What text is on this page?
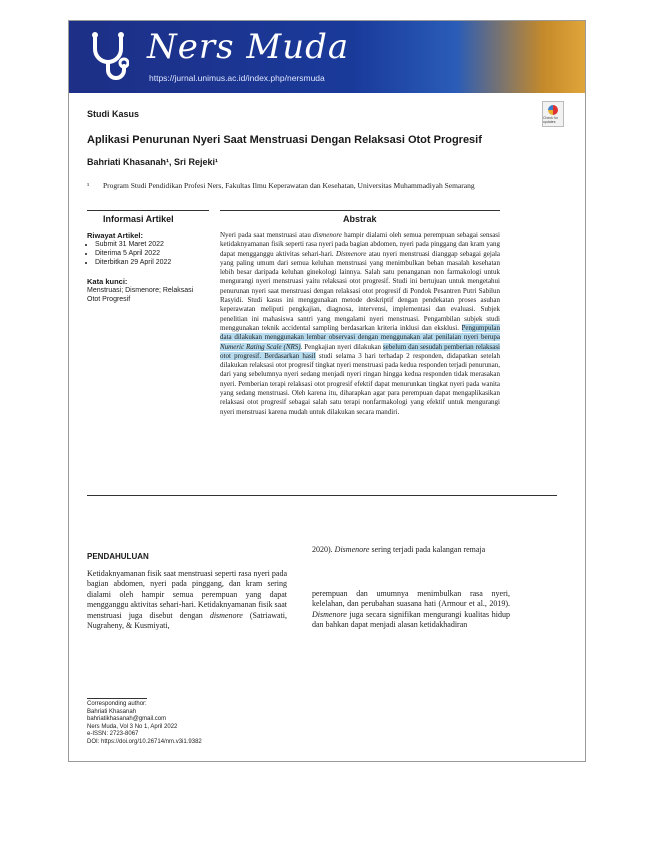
Ners Muda
https://jurnal.unimus.ac.id/index.php/nersmuda
Studi Kasus	Check for updates
Aplikasi Penurunan Nyeri Saat Menstruasi Dengan Relaksasi Otot Progresif
Bahriati Khasanah¹, Sri Rejeki¹
¹ Program Studi Pendidikan Profesi Ners, Fakultas Ilmu Keperawatan dan Kesehatan, Universitas Muhammadiyah Semarang
Informasi Artikel	Abstrak
Riwayat Artikel:
• Submit 31 Maret 2022
• Diterima 5 April 2022
• Diterbitkan 29 April 2022
Kata kunci:
Menstruasi; Dismenore; Relaksasi Otot Progresif
Nyeri pada saat menstruasi atau dismenore hampir dialami oleh semua perempuan sebagai sensasi ketidaknyamanan fisik seperti rasa nyeri pada bagian abdomen, nyeri pada pinggang dan kram yang dapat mengganggu aktivitas sehari-hari. Dismenore atau nyeri menstruasi dianggap sebagai gejala yang paling umum dari semua keluhan menstruasi yang menimbulkan beban masalah kesehatan lebih besar daripada keluhan ginekologi lainnya. Salah satu penanganan non farmakologi untuk mengurangi nyeri menstruasi yaitu relaksasi otot progresif. Studi ini bertujuan untuk mengetahui penurunan nyeri saat menstruasi dengan relaksasi otot progresif di Pondok Pesantren Putri Sabilun Rasyidi. Studi kasus ini menggunakan metode deskriptif dengan pendekatan proses asuhan keperawatan meliputi pengkajian, diagnosa, intervensi, implementasi dan evaluasi. Subjek penelitian ini mahasiswa santri yang mengalami nyeri menstruasi. Pengambilan subjek studi menggunakan teknik accidental sampling berdasarkan kriteria inklusi dan eksklusi. Pengumpulan data dilakukan menggunakan lembar observasi dengan menggunakan alat penilaian nyeri berupa Numeric Rating Scale (NRS). Pengkajian nyeri dilakukan sebelum dan sesudah pemberian relaksasi otot progresif. Berdasarkan hasil studi selama 3 hari terhadap 2 responden, didapatkan setelah dilakukan relaksasi otot progresif tingkat nyeri menstruasi pada kedua responden terjadi penurunan, dari yang sebelumnya nyeri sedang menjadi nyeri ringan hingga kedua responden tidak merasakan nyeri. Pemberian terapi relaksasi otot progresif efektif dapat menurunkan tingkat nyeri pada wanita yang sedang menstruasi. Oleh karena itu, diharapkan agar para perempuan dapat mengaplikasikan relaksasi otot progresif sebagai salah satu terapi nonfarmakologi yang efektif untuk mengurangi nyeri menstruasi karena mudah untuk dilakukan secara mandiri.
PENDAHULUAN
Ketidaknyamanan fisik saat menstruasi seperti rasa nyeri pada bagian abdomen, nyeri pada pinggang, dan kram sering dialami oleh hampir semua perempuan yang dapat mengganggu aktivitas sehari-hari. Ketidaknyamanan fisik saat menstruasi juga disebut dengan dismenore (Satriawati, Nugraheny, & Kusmiyati,
2020). Dismenore sering terjadi pada kalangan remaja
perempuan dan umumnya menimbulkan rasa nyeri, kelelahan, dan perubahan suasana hati (Armour et al., 2019). Dismenore juga secara signifikan mengurangi kualitas hidup dan bahkan dapat menjadi alasan ketidakhadiran
Corresponding author:
Bahriati Khasanah
bahriatikhasanah@gmail.com
Ners Muda, Vol 3 No 1, April 2022
e-ISSN: 2723-8067
DOI: https://doi.org/10.26714/nm.v3i1.9382
